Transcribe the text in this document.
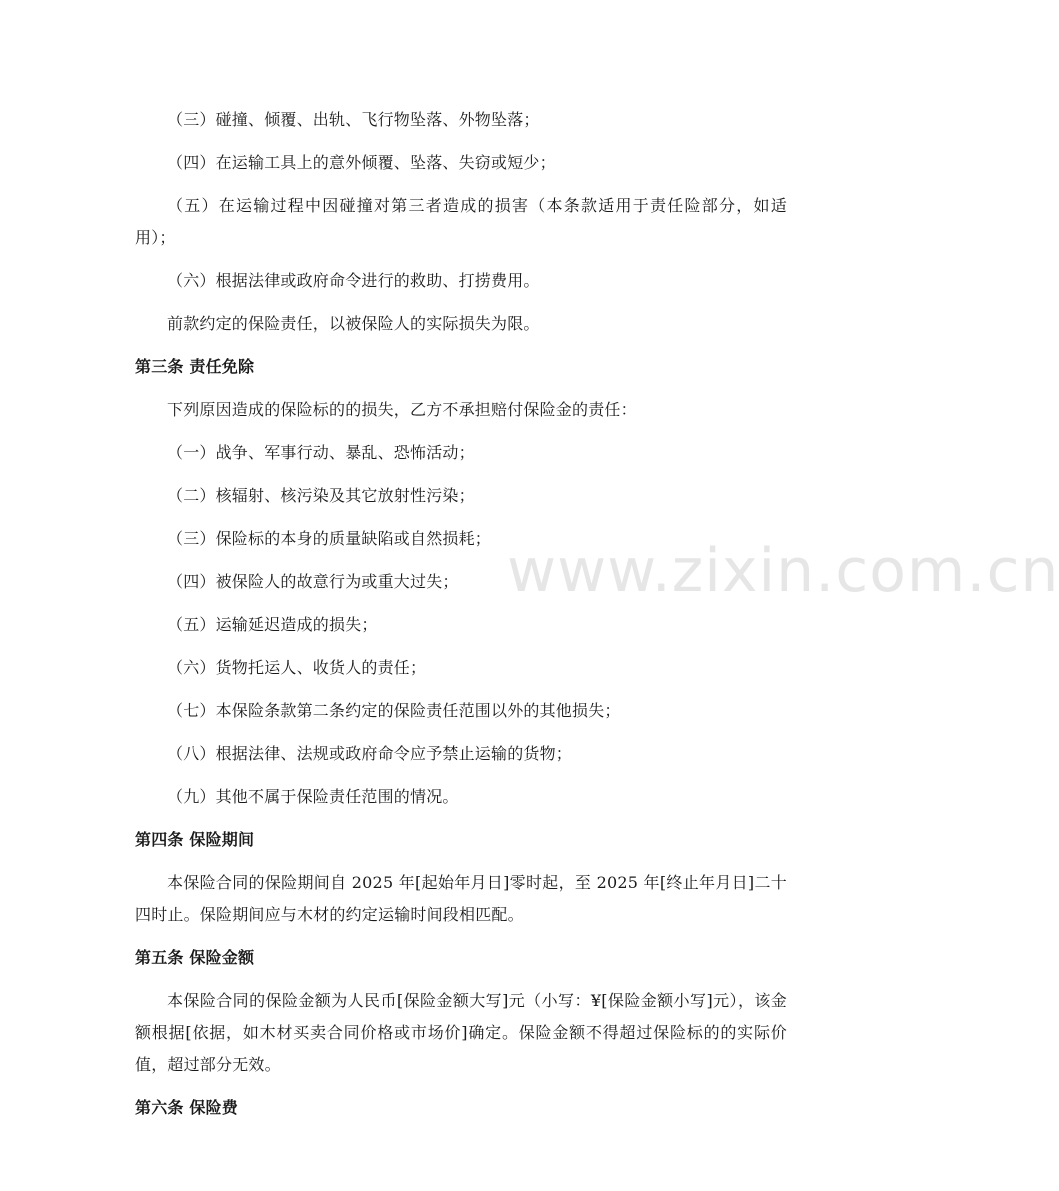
（三）碰撞、倾覆、出轨、飞行物坠落、外物坠落；

（四）在运输工具上的意外倾覆、坠落、失窃或短少；

（五）在运输过程中因碰撞对第三者造成的损害（本条款适用于责任险部分，如适用）；

（六）根据法律或政府命令进行的救助、打捞费用。

前款约定的保险责任，以被保险人的实际损失为限。

第三条 责任免除

下列原因造成的保险标的的损失，乙方不承担赔付保险金的责任：

（一）战争、军事行动、暴乱、恐怖活动；

（二）核辐射、核污染及其它放射性污染；

（三）保险标的本身的质量缺陷或自然损耗；

（四）被保险人的故意行为或重大过失；

（五）运输延迟造成的损失；

（六）货物托运人、收货人的责任；

（七）本保险条款第二条约定的保险责任范围以外的其他损失；

（八）根据法律、法规或政府命令应予禁止运输的货物；

（九）其他不属于保险责任范围的情况。

第四条 保险期间

本保险合同的保险期间自 2025 年[起始年月日]零时起，至 2025 年[终止年月日]二十四时止。保险期间应与木材的约定运输时间段相匹配。

第五条 保险金额

本保险合同的保险金额为人民币[保险金额大写]元（小写：¥[保险金额小写]元），该金额根据[依据，如木材买卖合同价格或市场价]确定。保险金额不得超过保险标的的实际价值，超过部分无效。

第六条 保险费
www.zixin.com.cn
